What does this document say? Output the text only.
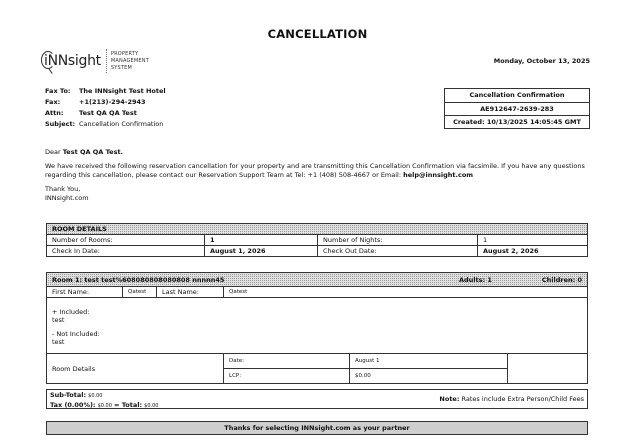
CANCELLATION
iNNsight PROPERTY
MANAGEMENT
SYSTEM
Monday, October 13, 2025
Fax To:	The INNsight Test Hotel
Fax:	+1(213)-294-2943
Attn:	Test QA QA Test
Subject: Cancellation Confirmation
Cancellation Confirmation
AE912647-2639-283
Created: 10/13/2025 14:05:45 GMT

Dear Test QA QA Test.

We have received the following reservation cancellation for your property and are transmitting this Cancellation Confirmation via facsimile. If you have any questions regarding this cancellation, please contact our Reservation Support Team at Tel: +1 (408) 508-4667 or Email: help@innsight.com

Thank You,
INNsight.com

ROOM DETAILS			
Number of Rooms:	1	Number of Nights:	1
Check In Date:	August 1, 2026	Check Out Date:	August 2, 2026
Room 1: test test%608080808080808 nnnnn45 Adults: 1 Children: 0					

First Name:	Qatest	Last Name:	Qatest		

+ Included:
test
- Not Included:
test					

Room Details			Date:	August 1	
			LCP:	$0.00	
Sub-Total: $0.00
Tax (0.00%): $0.00 = Total: $0.00
Note: Rates include Extra Person/Child Fees
Thanks for selecting INNsight.com as your partner
